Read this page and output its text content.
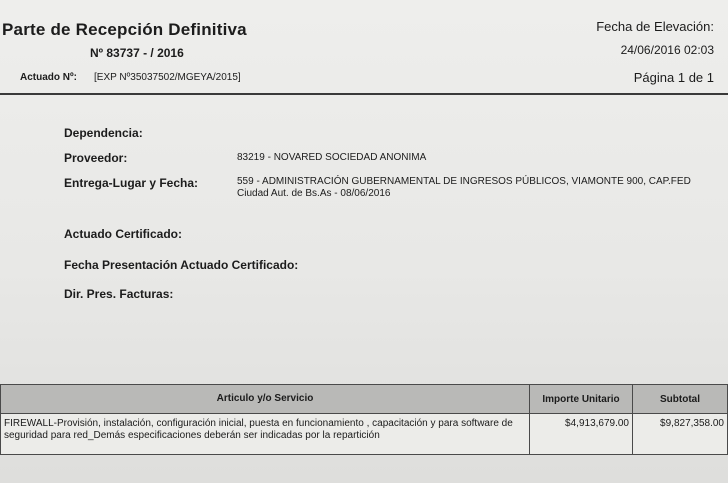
Parte de Recepción Definitiva
Nº 83737 - / 2016
Actuado Nº: [EXP Nº35037502/MGEYA/2015]
Fecha de Elevación:
24/06/2016 02:03
Página 1 de 1
Dependencia:
Proveedor:	83219 - NOVARED SOCIEDAD ANONIMA
Entrega-Lugar y Fecha:	559 - ADMINISTRACIÓN GUBERNAMENTAL DE INGRESOS PÚBLICOS, VIAMONTE 900, CAP.FED Ciudad Aut. de Bs.As - 08/06/2016
Actuado Certificado:
Fecha Presentación Actuado Certificado:
Dir. Pres. Facturas:
Articulo y/o Servicio	Importe Unitario	Subtotal
FIREWALL-Provisión, instalación, configuración inicial, puesta en funcionamiento , capacitación y para software de seguridad para red_Demás especificaciones deberán ser indicadas por la repartición	$4,913,679.00	$9,827,358.00
